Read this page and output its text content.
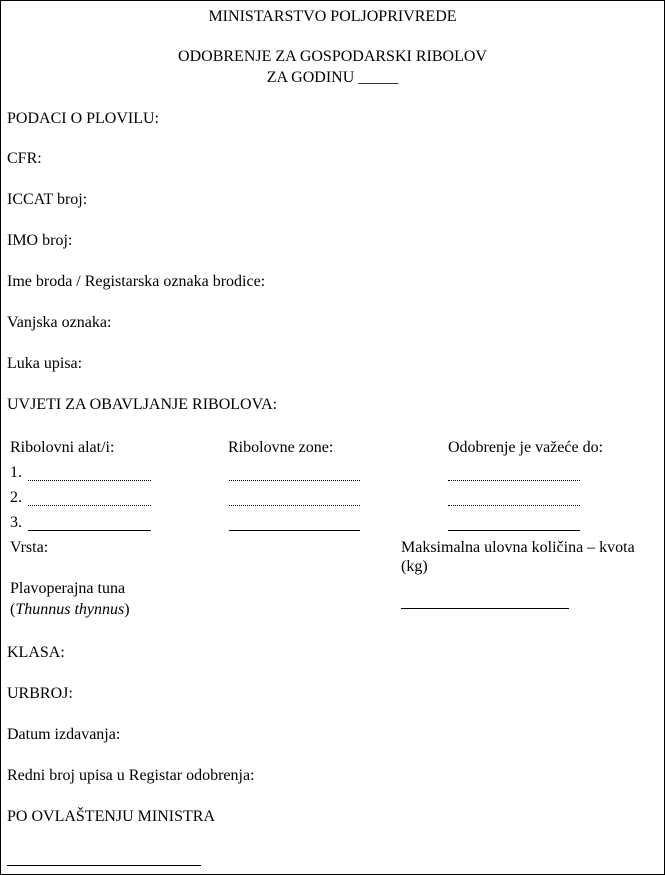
MINISTARSTVO POLJOPRIVREDE
ODOBRENJE ZA GOSPODARSKI RIBOLOV
ZA GODINU _____
PODACI O PLOVILU:
CFR:
ICCAT broj:
IMO broj:
Ime broda / Registarska oznaka brodice:
Vanjska oznaka:
Luka upisa:
UVJETI ZA OBAVLJANJE RIBOLOVA:
Ribolovni alat/i:	Ribolovne zone:	Odobrenje je važeće do:
1.
2.
3.
Vrsta:
Plavoperajna tuna
(Thunnus thynnus)
Maksimalna ulovna količina – kvota (kg)
KLASA:
URBROJ:
Datum izdavanja:
Redni broj upisa u Registar odobrenja:
PO OVLAŠTENJU MINISTRA
